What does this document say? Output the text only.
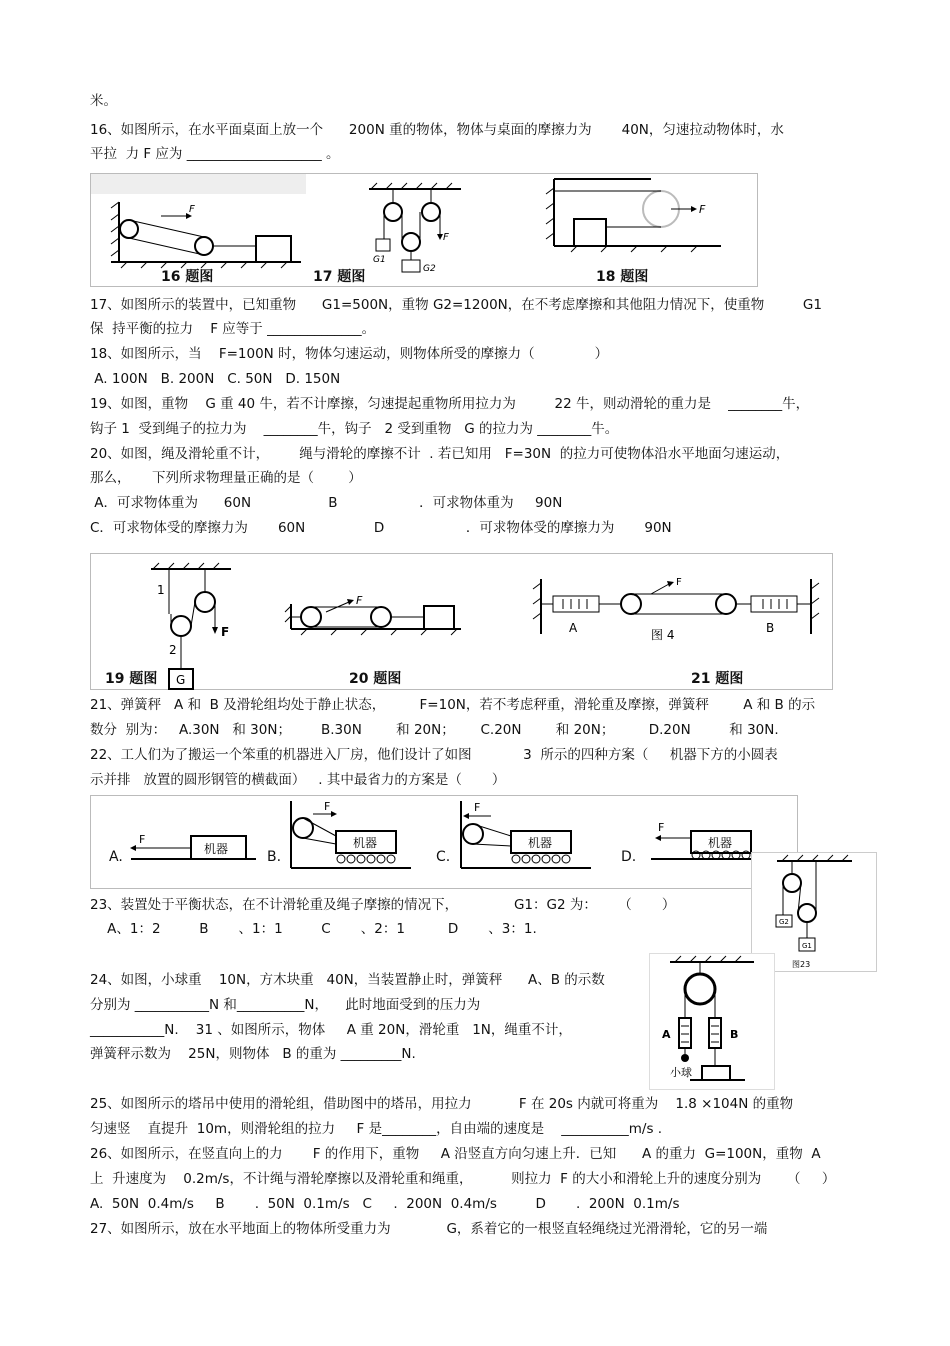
米。
16、如图所示，在水平面桌面上放一个      200N 重的物体，物体与桌面的摩擦力为       40N，匀速拉动物体时，水
平拉  力 F 应为 ____________________ 。
F
F
G1
G2
F
16 题图	17 题图	18 题图
17、如图所示的装置中，已知重物      G1=500N，重物 G2=1200N，在不考虑摩擦和其他阻力情况下，使重物         G1
保  持平衡的拉力    F 应等于 ______________。
18、如图所示，当    F=100N 时，物体匀速运动，则物体所受的摩擦力（              ）
A. 100N   B. 200N   C. 50N   D. 150N
19、如图，重物    G 重 40 牛，若不计摩擦，匀速提起重物所用拉力为         22 牛，则动滑轮的重力是    ________牛，
钩子 1  受到绳子的拉力为    ________牛，钩子   2 受到重物   G 的拉力为 ________牛。
20、如图，绳及滑轮重不计，       绳与滑轮的摩擦不计  . 若已知用   F=30N  的拉力可使物体沿水平地面匀速运动，
那么，     下列所求物理量正确的是（        ）
A．可求物体重为      60N                  B                   ．可求物体重为     90N
C．可求物体受的摩擦力为       60N                D                   ．可求物体受的摩擦力为       90N
F
1
2
G
F
F
A	B
图 4
19 题图	20 题图	21 题图
21、弹簧秤   A 和  B 及滑轮组均处于静止状态，        F=10N，若不考虑秤重，滑轮重及摩擦，弹簧秤        A 和 B 的示
数分  别为：   A.30N   和 30N；       B.30N        和 20N；      C.20N        和 20N；        D.20N         和 30N.
22、工人们为了搬运一个笨重的机器进入厂房，他们设计了如图            3  所示的四种方案（     机器下方的小圆表
示并排   放置的圆形钢管的横截面）   . 其中最省力的方案是（       ）
机器
F	机器
F
机器
F
机器
F
A.	B.	C.	D.
G2
G1
图23
23、装置处于平衡状态，在不计滑轮重及绳子摩擦的情况下，             G1：G2 为：     （       ）
A、1：2         B       、1：1         C       、2：1          D       、3：1.
A	B
小球
24、如图，小球重    10N，方木块重   40N，当装置静止时，弹簧秤      A、B 的示数
分别为 ___________N 和__________N，    此时地面受到的压力为
___________N.    31 、如图所示，物体     A 重 20N，滑轮重   1N，绳重不计，
弹簧秤示数为    25N，则物体   B 的重为 _________N.
25、如图所示的塔吊中使用的滑轮组，借助图中的塔吊，用拉力           F 在 20s 内就可将重为    1.8 ×104N 的重物
匀速竖    直提升  10m，则滑轮组的拉力     F 是________，自由端的速度是    __________m/s .
26、如图所示，在竖直向上的力       F 的作用下，重物     A 沿竖直方向匀速上升．已知      A 的重力  G=100N，重物  A
上  升速度为    0.2m/s，不计绳与滑轮摩擦以及滑轮重和绳重，         则拉力  F 的大小和滑轮上升的速度分别为      （     ）
A.  50N  0.4m/s     B       .  50N  0.1m/s   C     .  200N  0.4m/s         D       .  200N  0.1m/s
27、如图所示，放在水平地面上的物体所受重力为             G，系着它的一根竖直轻绳绕过光滑滑轮，它的另一端
